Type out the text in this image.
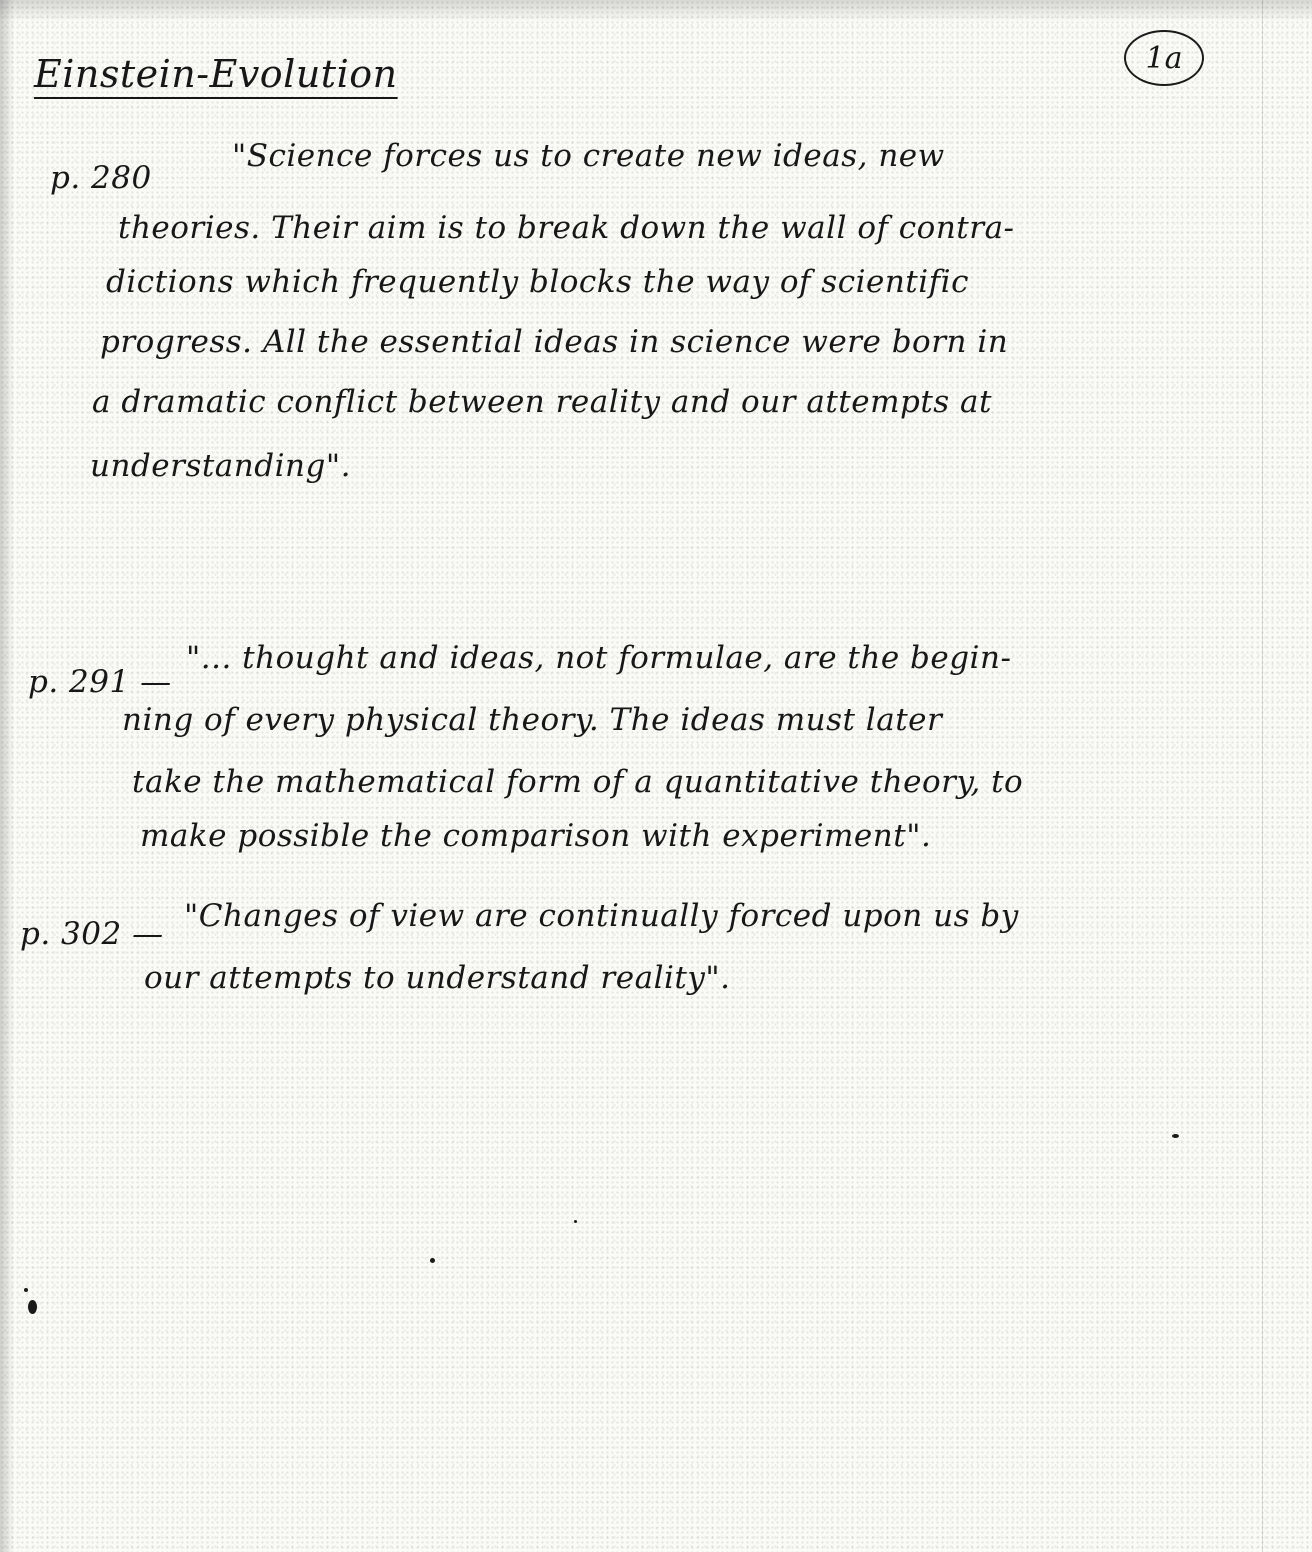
Einstein-Evolution	1a
p. 280
"Science forces us to create new ideas, new
theories. Their aim is to break down the wall of contra-
dictions which frequently blocks the way of scientific
progress. All the essential ideas in science were born in
a dramatic conflict between reality and our attempts at
understanding".
p. 291 —
"... thought and ideas, not formulae, are the begin-
ning of every physical theory. The ideas must later
take the mathematical form of a quantitative theory, to
make possible the comparison with experiment".
p. 302 — "Changes of view are continually forced upon us by
our attempts to understand reality".
